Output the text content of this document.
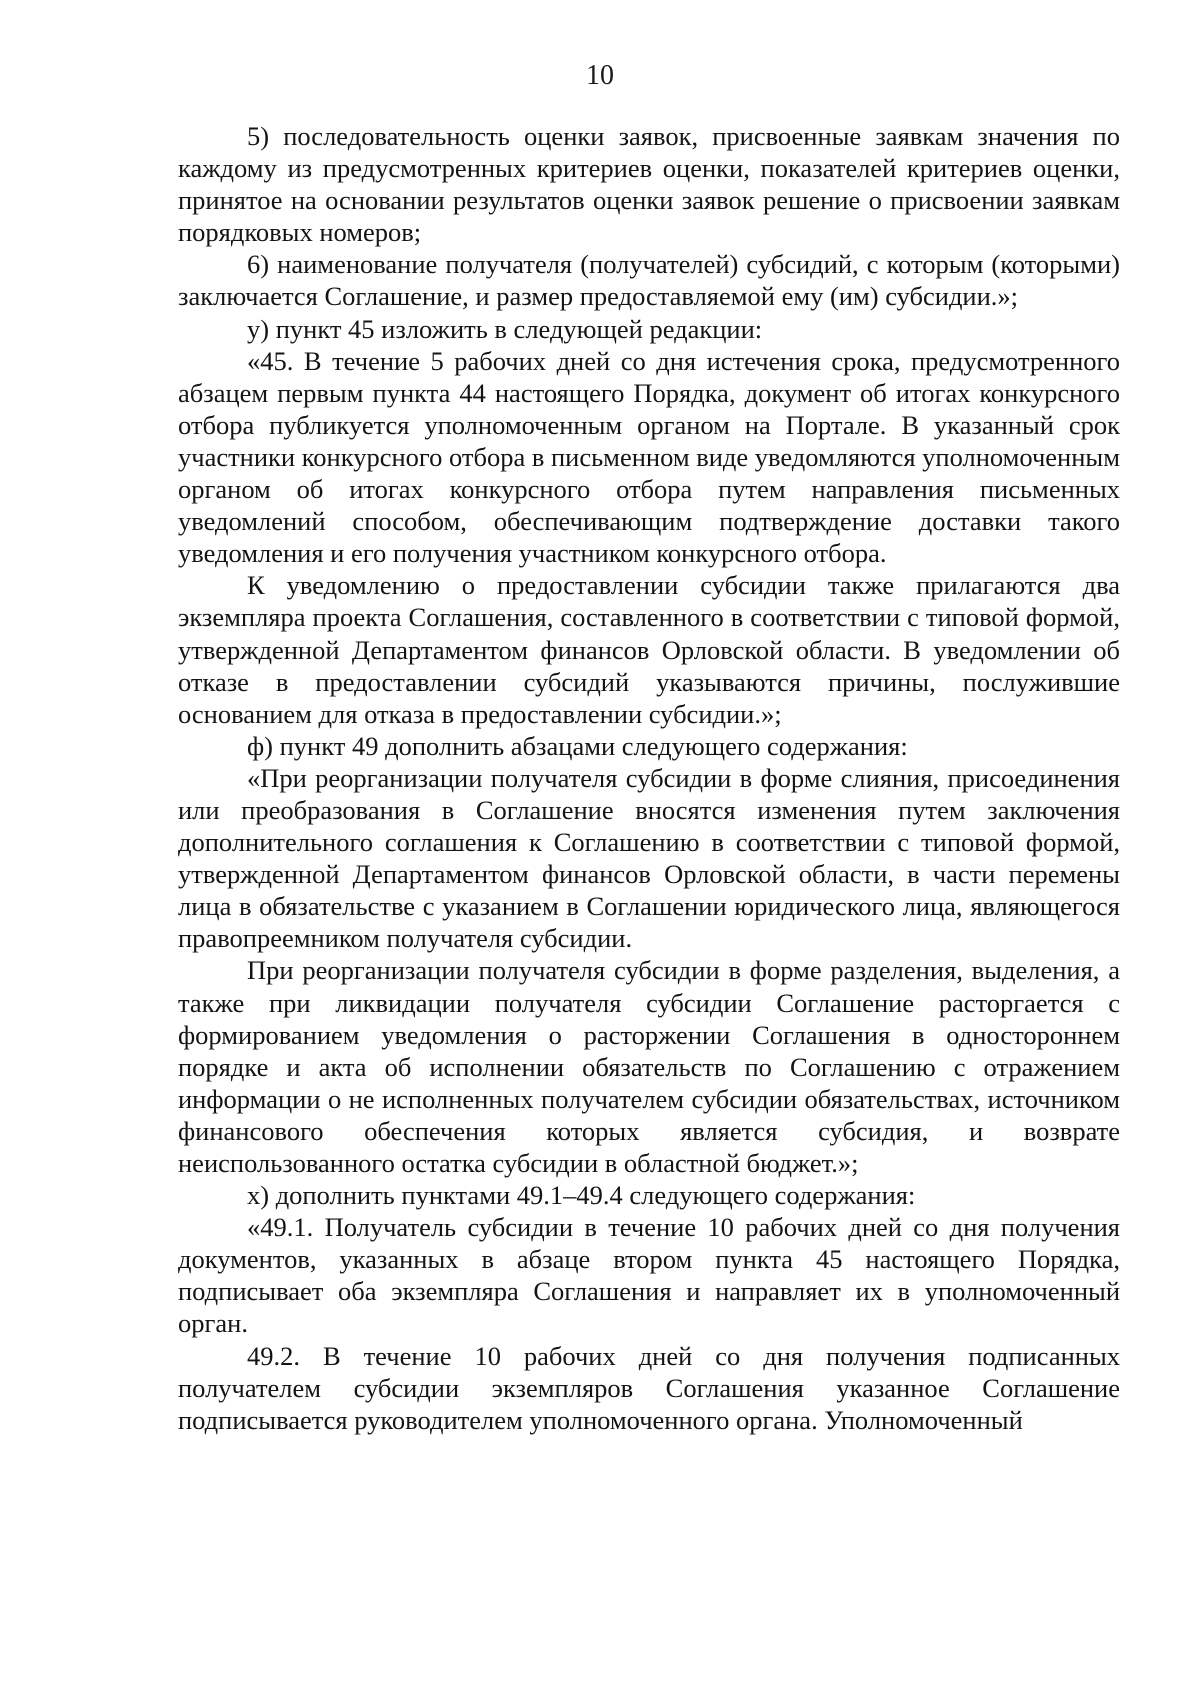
10

5) последовательность оценки заявок, присвоенные заявкам значения по каждому из предусмотренных критериев оценки, показателей критериев оценки, принятое на основании результатов оценки заявок решение о присвоении заявкам порядковых номеров;

6) наименование получателя (получателей) субсидий, с которым (которыми) заключается Соглашение, и размер предоставляемой ему (им) субсидии.»;

у) пункт 45 изложить в следующей редакции:

«45. В течение 5 рабочих дней со дня истечения срока, предусмотренного абзацем первым пункта 44 настоящего Порядка, документ об итогах конкурсного отбора публикуется уполномоченным органом на Портале. В указанный срок участники конкурсного отбора в письменном виде уведомляются уполномоченным органом об итогах конкурсного отбора путем направления письменных уведомлений способом, обеспечивающим подтверждение доставки такого уведомления и его получения участником конкурсного отбора.

К уведомлению о предоставлении субсидии также прилагаются два экземпляра проекта Соглашения, составленного в соответствии с типовой формой, утвержденной Департаментом финансов Орловской области. В уведомлении об отказе в предоставлении субсидий указываются причины, послужившие основанием для отказа в предоставлении субсидии.»;

ф) пункт 49 дополнить абзацами следующего содержания:

«При реорганизации получателя субсидии в форме слияния, присоединения или преобразования в Соглашение вносятся изменения путем заключения дополнительного соглашения к Соглашению в соответствии с типовой формой, утвержденной Департаментом финансов Орловской области, в части перемены лица в обязательстве с указанием в Соглашении юридического лица, являющегося правопреемником получателя субсидии.

При реорганизации получателя субсидии в форме разделения, выделения, а также при ликвидации получателя субсидии Соглашение расторгается с формированием уведомления о расторжении Соглашения в одностороннем порядке и акта об исполнении обязательств по Соглашению с отражением информации о не исполненных получателем субсидии обязательствах, источником финансового обеспечения которых является субсидия, и возврате неиспользованного остатка субсидии в областной бюджет.»;

х) дополнить пунктами 49.1–49.4 следующего содержания:

«49.1. Получатель субсидии в течение 10 рабочих дней со дня получения документов, указанных в абзаце втором пункта 45 настоящего Порядка, подписывает оба экземпляра Соглашения и направляет их в уполномоченный орган.

49.2. В течение 10 рабочих дней со дня получения подписанных получателем субсидии экземпляров Соглашения указанное Соглашение подписывается руководителем уполномоченного органа. Уполномоченный
